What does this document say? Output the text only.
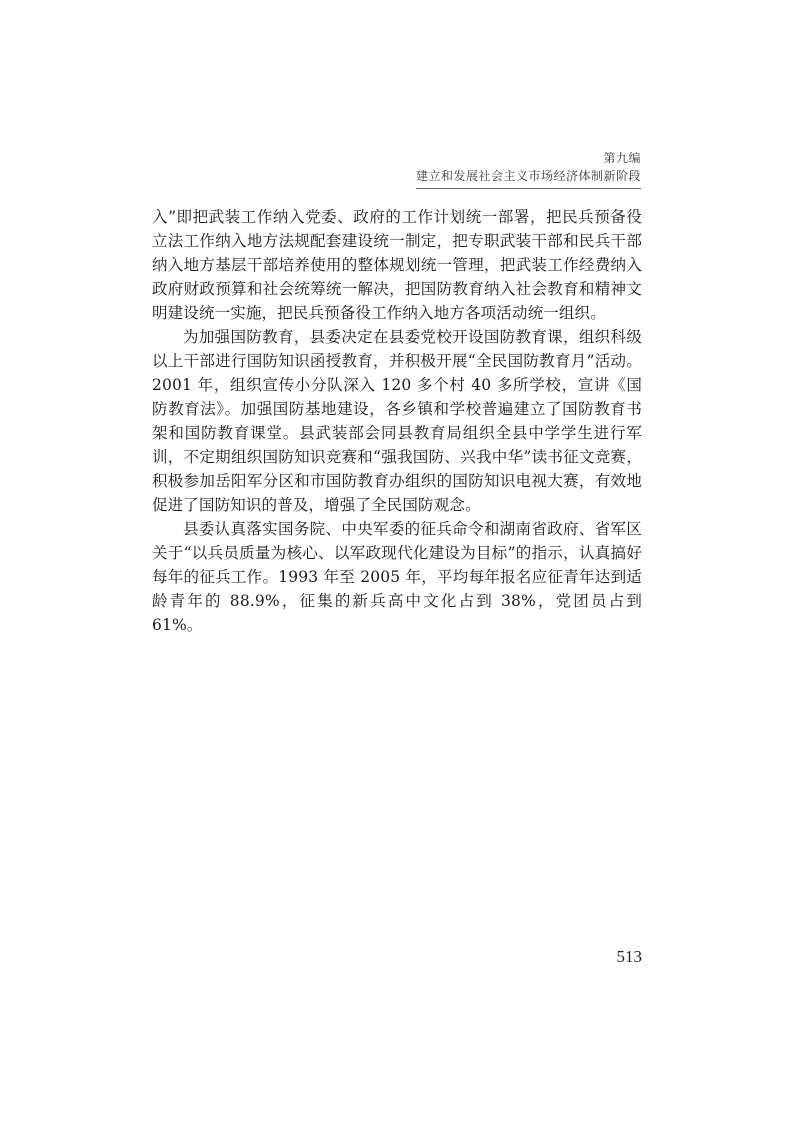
第九编
建立和发展社会主义市场经济体制新阶段

入”即把武装工作纳入党委、政府的工作计划统一部署，把民兵预备役立法工作纳入地方法规配套建设统一制定，把专职武装干部和民兵干部纳入地方基层干部培养使用的整体规划统一管理，把武装工作经费纳入政府财政预算和社会统筹统一解决，把国防教育纳入社会教育和精神文明建设统一实施，把民兵预备役工作纳入地方各项活动统一组织。

为加强国防教育，县委决定在县委党校开设国防教育课，组织科级以上干部进行国防知识函授教育，并积极开展“全民国防教育月”活动。2001 年，组织宣传小分队深入 120 多个村 40 多所学校，宣讲《国防教育法》。加强国防基地建设，各乡镇和学校普遍建立了国防教育书架和国防教育课堂。县武装部会同县教育局组织全县中学学生进行军训，不定期组织国防知识竞赛和“强我国防、兴我中华”读书征文竞赛，积极参加岳阳军分区和市国防教育办组织的国防知识电视大赛，有效地促进了国防知识的普及，增强了全民国防观念。

县委认真落实国务院、中央军委的征兵命令和湖南省政府、省军区关于“以兵员质量为核心、以军政现代化建设为目标”的指示，认真搞好每年的征兵工作。1993 年至 2005 年，平均每年报名应征青年达到适龄青年的 88.9%，征集的新兵高中文化占到 38%，党团员占到 61%。

513
